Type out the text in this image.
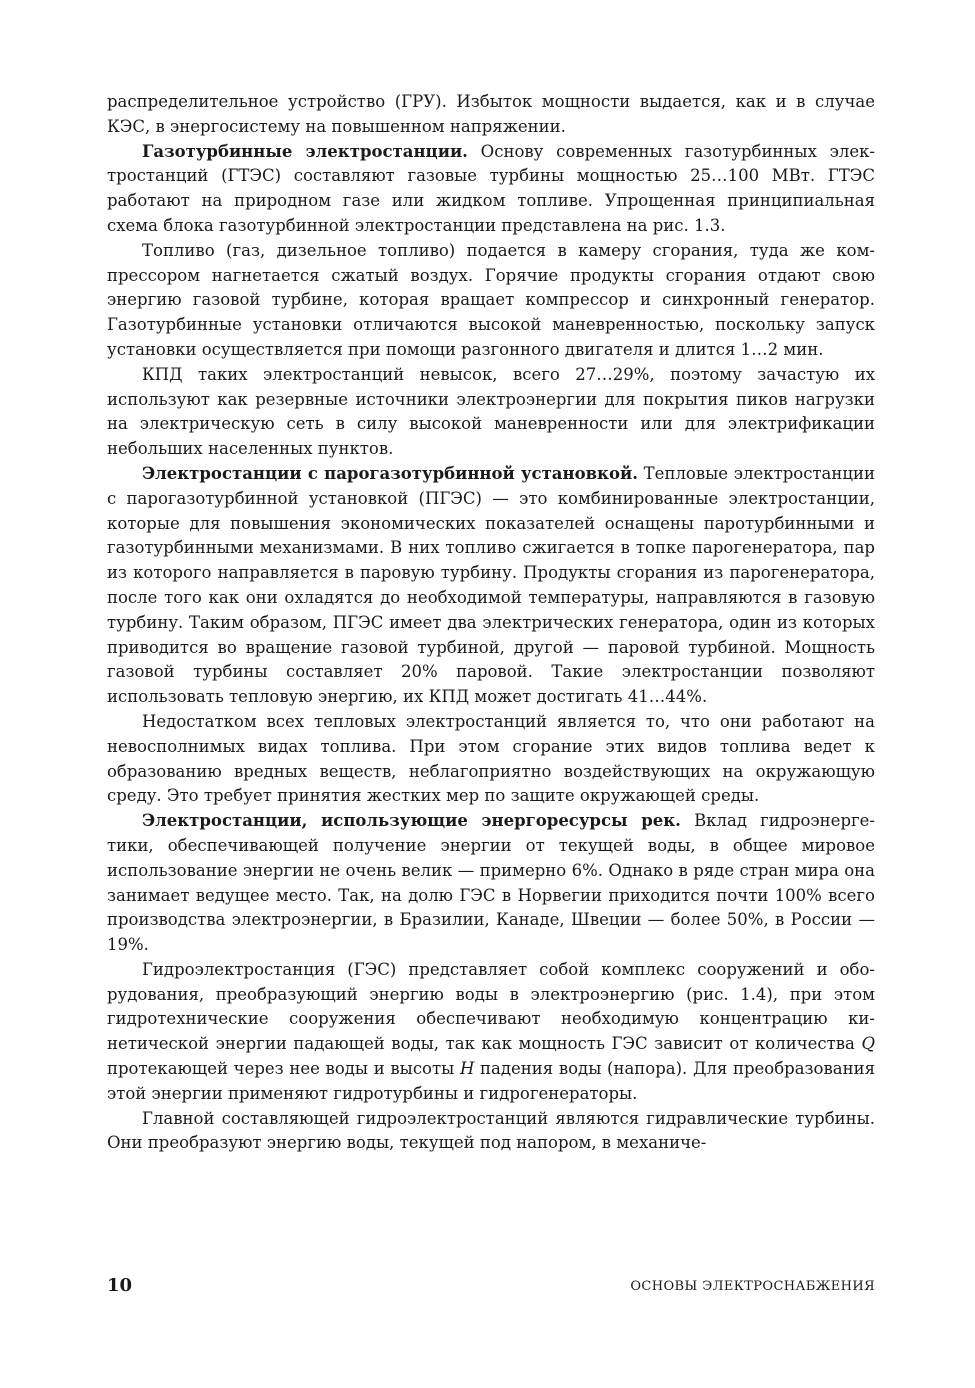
распределительное устройство (ГРУ). Избыток мощности выдается, как и в случае КЭС, в энергосистему на повышенном напряжении.

Газотурбинные электростанции. Основу современных газотурбинных электростанций (ГТЭС) составляют газовые турбины мощностью 25…100 МВт. ГТЭС работают на природном газе или жидком топливе. Упрощенная принципиальная схема блока газотурбинной электростанции представлена на рис. 1.3.

Топливо (газ, дизельное топливо) подается в камеру сгорания, туда же компрессором нагнетается сжатый воздух. Горячие продукты сгорания отдают свою энергию газовой турбине, которая вращает компрессор и синхронный генератор. Газотурбинные установки отличаются высокой маневренностью, поскольку запуск установки осуществляется при помощи разгонного двигателя и длится 1…2 мин.

КПД таких электростанций невысок, всего 27…29%, поэтому зачастую их используют как резервные источники электроэнергии для покрытия пиков нагрузки на электрическую сеть в силу высокой маневренности или для электрификации небольших населенных пунктов.

Электростанции с парогазотурбинной установкой. Тепловые электростанции с парогазотурбинной установкой (ПГЭС) — это комбинированные электростанции, которые для повышения экономических показателей оснащены паротурбинными и газотурбинными механизмами. В них топливо сжигается в топке парогенератора, пар из которого направляется в паровую турбину. Продукты сгорания из парогенератора, после того как они охладятся до необходимой температуры, направляются в газовую турбину. Таким образом, ПГЭС имеет два электрических генератора, один из которых приводится во вращение газовой турбиной, другой — паровой турбиной. Мощность газовой турбины составляет 20% паровой. Такие электростанции позволяют использовать тепловую энергию, их КПД может достигать 41…44%.

Недостатком всех тепловых электростанций является то, что они работают на невосполнимых видах топлива. При этом сгорание этих видов топлива ведет к образованию вредных веществ, неблагоприятно воздействующих на окружающую среду. Это требует принятия жестких мер по защите окружающей среды.

Электростанции, использующие энергоресурсы рек. Вклад гидроэнергетики, обеспечивающей получение энергии от текущей воды, в общее мировое использование энергии не очень велик — примерно 6%. Однако в ряде стран мира она занимает ведущее место. Так, на долю ГЭС в Норвегии приходится почти 100% всего производства электроэнергии, в Бразилии, Канаде, Швеции — более 50%, в России — 19%.

Гидроэлектростанция (ГЭС) представляет собой комплекс сооружений и оборудования, преобразующий энергию воды в электроэнергию (рис. 1.4), при этом гидротехнические сооружения обеспечивают необходимую концентрацию кинетической энергии падающей воды, так как мощность ГЭС зависит от количества Q протекающей через нее воды и высоты H падения воды (напора). Для преобразования этой энергии применяют гидротурбины и гидрогенераторы.

Главной составляющей гидроэлектростанций являются гидравлические турбины. Они преобразуют энергию воды, текущей под напором, в механиче-

10	ОСНОВЫ ЭЛЕКТРОСНАБЖЕНИЯ
